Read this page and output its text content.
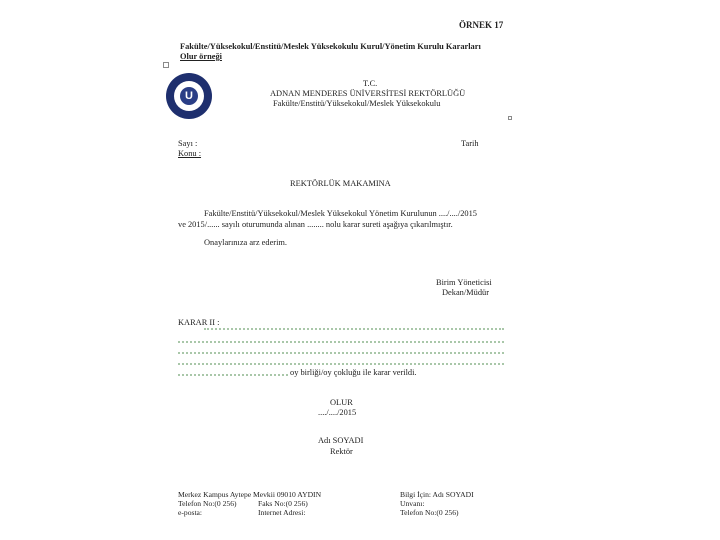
ÖRNEK 17
Fakülte/Yüksekokul/Enstitü/Meslek Yüksekokulu Kurul/Yönetim Kurulu Kararları
Olur örneği
U
T.C.
ADNAN MENDERES ÜNİVERSİTESİ REKTÖRLÜĞÜ
Fakülte/Enstitü/Yüksekokul/Meslek Yüksekokulu
Sayı :	Tarih
Konu :
REKTÖRLÜK MAKAMINA
Fakülte/Enstitü/Yüksekokul/Meslek Yüksekokul Yönetim Kurulunun ..../..../2015
ve 2015/...... sayılı oturumunda alınan ........ nolu karar sureti aşağıya çıkarılmıştır.
Onaylarınıza arz ederim.
Birim Yöneticisi
Dekan/Müdür
KARAR II :
oy birliği/oy çokluğu ile karar verildi.
OLUR
..../..../2015
Adı SOYADI
Rektör
Merkez Kampus Aytepe Mevkii 09010 AYDIN
Telefon No:(0 256)	Faks No:(0 256)
e-posta:	Internet Adresi:
Bilgi İçin: Adı SOYADI
Unvanı:
Telefon No:(0 256)
